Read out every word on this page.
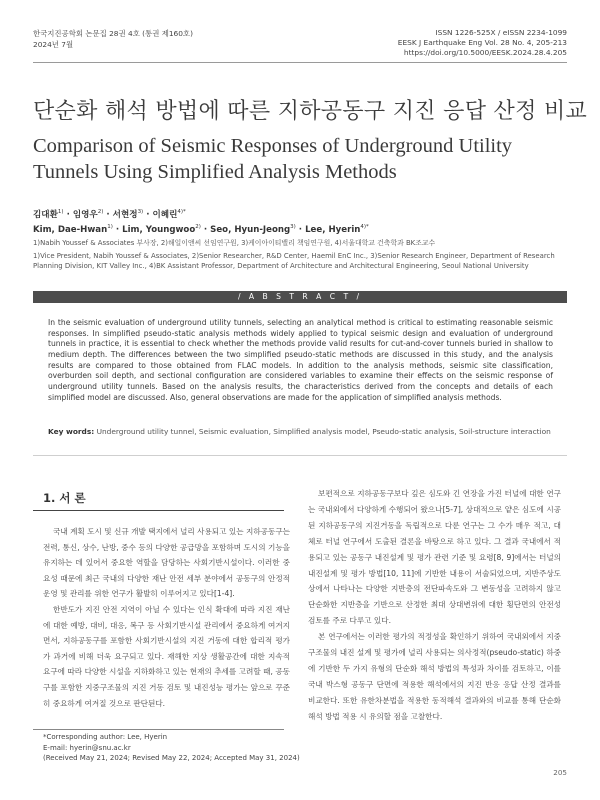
한국지진공학회 논문집 28권 4호 (통권 제160호)
2024년 7월
ISSN 1226-525X / eISSN 2234-1099
EESK J Earthquake Eng Vol. 28 No. 4, 205-213
https://doi.org/10.5000/EESK.2024.28.4.205
단순화 해석 방법에 따른 지하공동구 지진 응답 산정 비교
Comparison of Seismic Responses of Underground Utility Tunnels Using Simplified Analysis Methods
김대환$^{1)}$ · 임영우$^{2)}$ · 서현정$^{3)}$ · 이혜린$^{4)*}$
Kim, Dae-Hwan$^{1)}$ · Lim, Youngwoo$^{2)}$ · Seo, Hyun-Jeong$^{3)}$ · Lee, Hyerin$^{4)*}$
1)Nabih Youssef & Associates 부사장, 2)해일이앤씨 선임연구원, 3)케이아이티밸리 책임연구원, 4)서울대학교 건축학과 BK조교수
1)Vice President, Nabih Youssef & Associates, 2)Senior Researcher, R&D Center, Haemil EnC Inc., 3)Senior Research Engineer, Department of Research Planning Division, KIT Valley Inc., 4)BK Assistant Professor, Department of Architecture and Architectural Engineering, Seoul National University
/ A B S T R A C T /
In the seismic evaluation of underground utility tunnels, selecting an analytical method is critical to estimating reasonable seismic responses. In simplified pseudo-static analysis methods widely applied to typical seismic design and evaluation of underground tunnels in practice, it is essential to check whether the methods provide valid results for cut-and-cover tunnels buried in shallow to medium depth. The differences between the two simplified pseudo-static methods are discussed in this study, and the analysis results are compared to those obtained from FLAC models. In addition to the analysis methods, seismic site classification, overburden soil depth, and sectional configuration are considered variables to examine their effects on the seismic response of underground utility tunnels. Based on the analysis results, the characteristics derived from the concepts and details of each simplified model are discussed. Also, general observations are made for the application of simplified analysis methods.
Key words: Underground utility tunnel, Seismic evaluation, Simplified analysis model, Pseudo-static analysis, Soil-structure interaction
1. 서 론

국내 계획 도시 및 신규 개발 택지에서 널리 사용되고 있는 지하공동구는 전력, 통신, 상수, 난방, 중수 등의 다양한 공급망을 포함하며 도시의 기능을 유지하는 데 있어서 중요한 역할을 담당하는 사회기반시설이다. 이러한 중요성 때문에 최근 국내의 다양한 재난 안전 세부 분야에서 공동구의 안정적 운영 및 관리를 위한 연구가 활발히 이루어지고 있다[1-4].

한반도가 지진 안전 지역이 아닐 수 있다는 인식 확대에 따라 지진 재난에 대한 예방, 대비, 대응, 복구 등 사회기반시설 관리에서 중요하게 여겨지면서, 지하공동구를 포함한 사회기반시설의 지진 거동에 대한 합리적 평가가 과거에 비해 더욱 요구되고 있다. 재해한 지상 생활공간에 대한 지속적 요구에 따라 다양한 시설을 지하화하고 있는 현재의 추세를 고려할 때, 공동구를 포함한 지중구조물의 지진 거동 검토 및 내진성능 평가는 앞으로 꾸준히 중요하게 여겨질 것으로 판단된다.

보편적으로 지하공동구보다 깊은 심도와 긴 연장을 가진 터널에 대한 연구는 국내외에서 다양하게 수행되어 왔으나[5-7], 상대적으로 얕은 심도에 시공된 지하공동구의 지진거동을 독립적으로 다룬 연구는 그 수가 매우 적고, 대체로 터널 연구에서 도출된 결론을 바탕으로 하고 있다. 그 결과 국내에서 적용되고 있는 공동구 내진설계 및 평가 관련 기준 및 요령[8, 9]에서는 터널의 내진설계 및 평가 방법[10, 11]에 기반한 내용이 서술되었으며, 지반주상도 상에서 나타나는 다양한 지반층의 전단파속도와 그 변동성을 고려하지 않고 단순화한 지반층을 기반으로 산정한 최대 상대변위에 대한 횡단면의 안전성 검토를 주로 다루고 있다.

본 연구에서는 이러한 평가의 적정성을 확인하기 위하여 국내외에서 지중구조물의 내진 설계 및 평가에 널리 사용되는 의사정적(pseudo-static) 하중에 기반한 두 가지 유형의 단순화 해석 방법의 특성과 차이를 검토하고, 이를 국내 박스형 공동구 단면에 적용한 해석에서의 지진 반응 응답 산정 결과를 비교한다. 또한 유한차분법을 적용한 동적해석 결과와의 비교를 통해 단순화 해석 방법 적용 시 유의할 점을 고찰한다.

*Corresponding author: Lee, Hyerin
E-mail: hyerin@snu.ac.kr
(Received May 21, 2024; Revised May 22, 2024; Accepted May 31, 2024)
205
